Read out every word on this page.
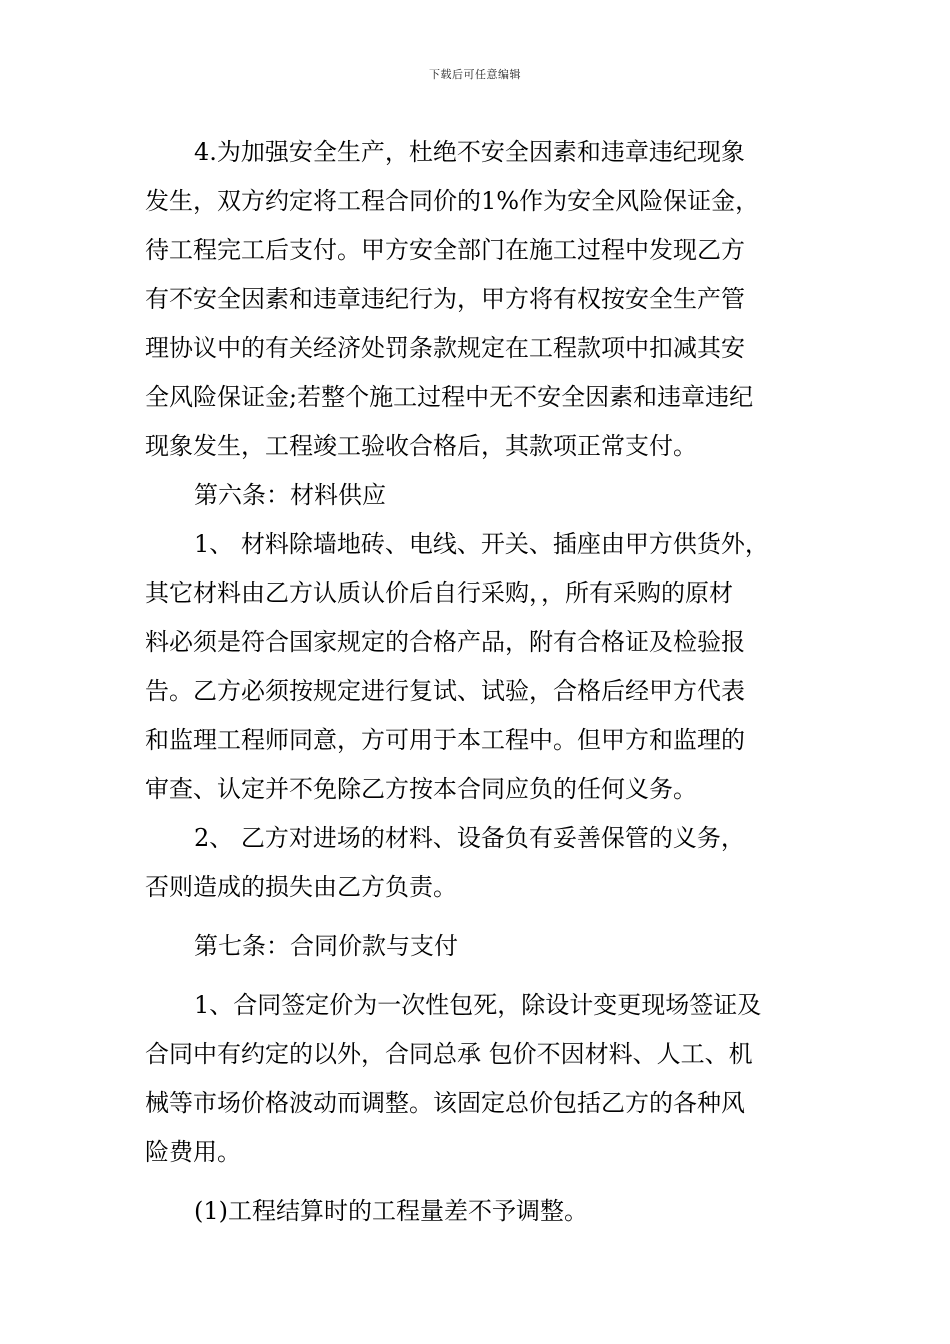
下载后可任意编辑
4.为加强安全生产，杜绝不安全因素和违章违纪现象
发生，双方约定将工程合同价的1%作为安全风险保证金，
待工程完工后支付。甲方安全部门在施工过程中发现乙方
有不安全因素和违章违纪行为，甲方将有权按安全生产管
理协议中的有关经济处罚条款规定在工程款项中扣减其安
全风险保证金;若整个施工过程中无不安全因素和违章违纪
现象发生，工程竣工验收合格后，其款项正常支付。
第六条：材料供应
1、 材料除墙地砖、电线、开关、插座由甲方供货外，
其它材料由乙方认质认价后自行采购，，所有采购的原材
料必须是符合国家规定的合格产品，附有合格证及检验报
告。乙方必须按规定进行复试、试验，合格后经甲方代表
和监理工程师同意，方可用于本工程中。但甲方和监理的
审查、认定并不免除乙方按本合同应负的任何义务。
2、 乙方对进场的材料、设备负有妥善保管的义务，
否则造成的损失由乙方负责。
第七条：合同价款与支付
1、合同签定价为一次性包死，除设计变更现场签证及
合同中有约定的以外，合同总承 包价不因材料、人工、机
械等市场价格波动而调整。该固定总价包括乙方的各种风
险费用。
(1)工程结算时的工程量差不予调整。
